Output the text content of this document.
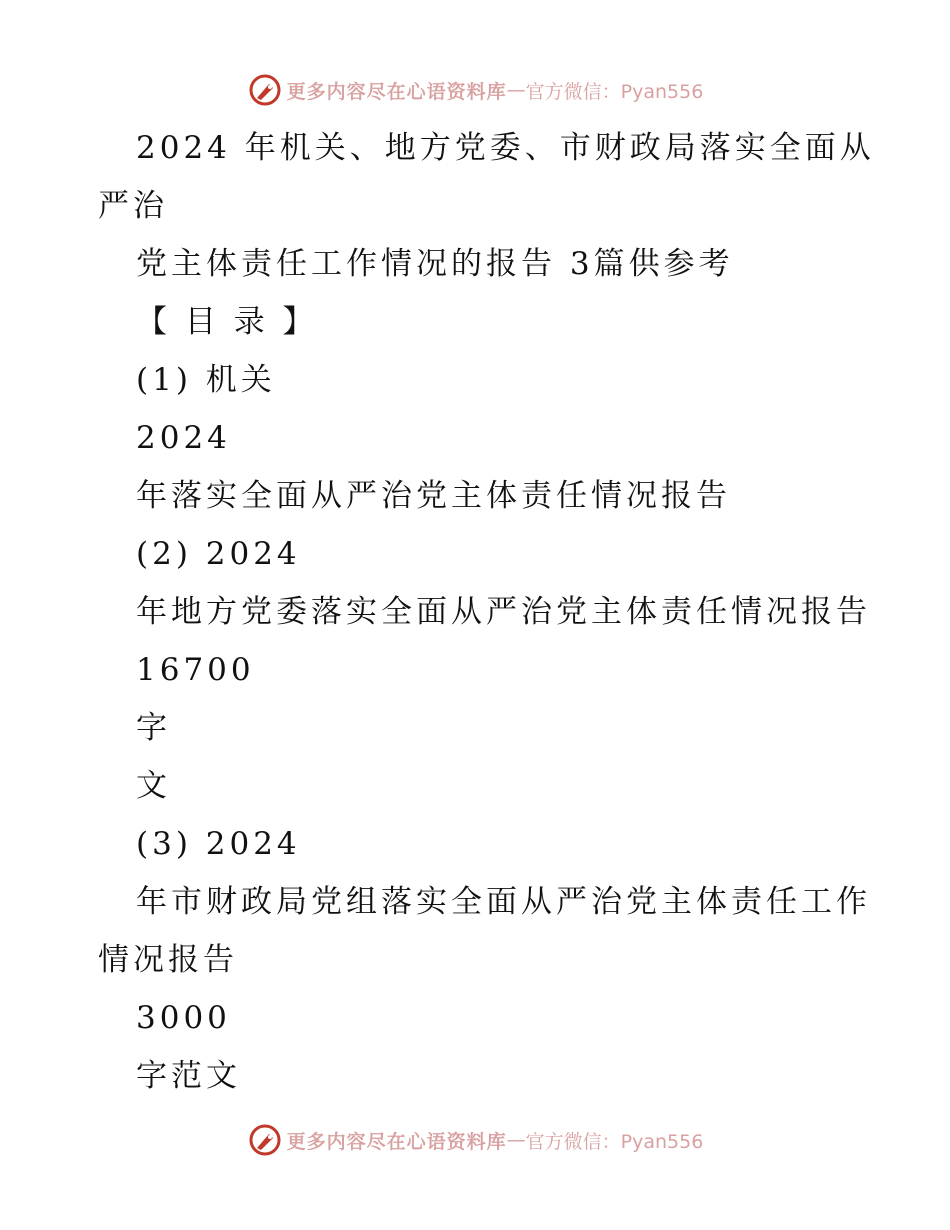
更多内容尽在心语资料库 — 官方微信：Pyan556
2024 年机关、地方党委、市财政局落实全面从
严治
党主体责任工作情况的报告 3篇供参考
【 目 录 】
(1) 机关
2024
年落实全面从严治党主体责任情况报告
(2) 2024
年地方党委落实全面从严治党主体责任情况报告
16700
字
文
(3) 2024
年市财政局党组落实全面从严治党主体责任工作
情况报告
3000
字范文
更多内容尽在心语资料库 — 官方微信：Pyan556
